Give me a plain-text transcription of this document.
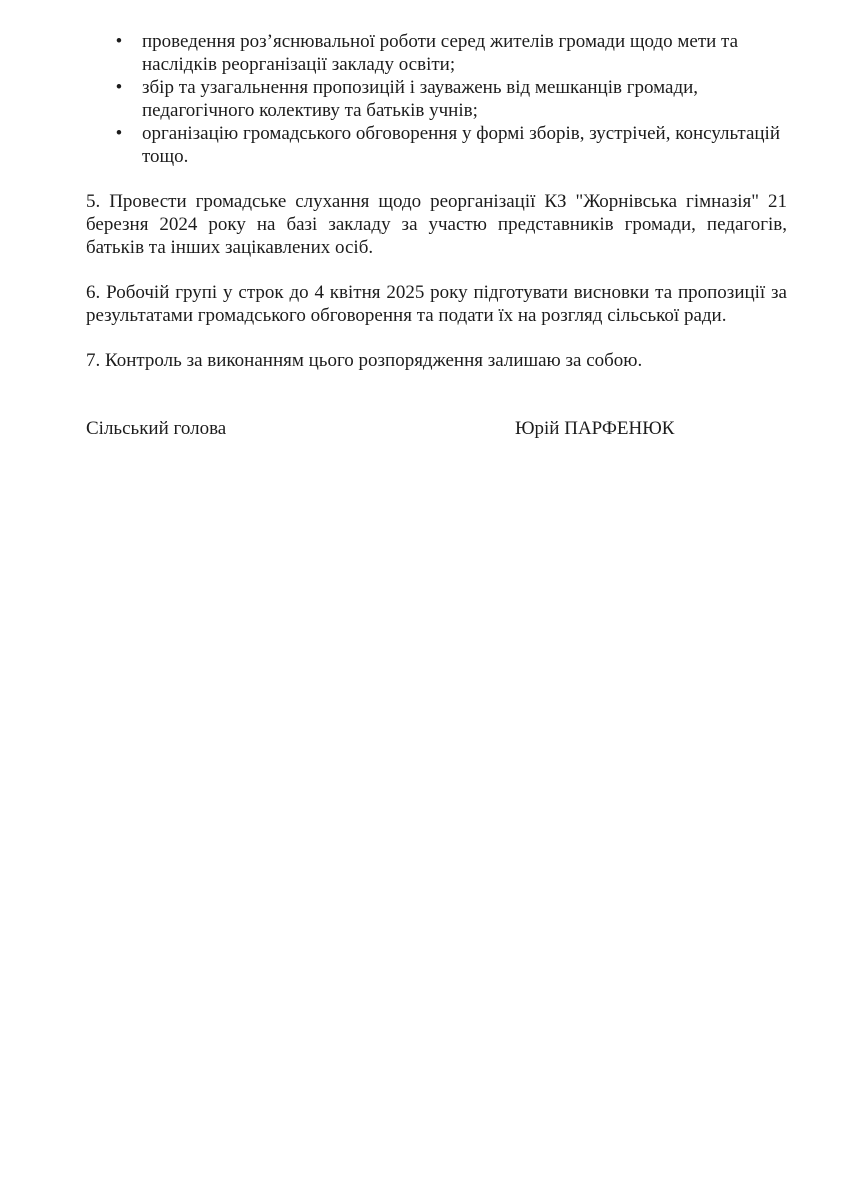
•	проведення роз’яснювальної роботи серед жителів громади щодо мети та наслідків реорганізації закладу освіти;
•	збір та узагальнення пропозицій і зауважень від мешканців громади, педагогічного колективу та батьків учнів;
•	організацію громадського обговорення у формі зборів, зустрічей, консультацій тощо.

5. Провести громадське слухання щодо реорганізації КЗ "Жорнівська гімназія" 21 березня 2024 року на базі закладу за участю представників громади, педагогів, батьків та інших зацікавлених осіб.

6. Робочій групі у строк до 4 квітня 2025 року підготувати висновки та пропозиції за результатами громадського обговорення та подати їх на розгляд сільської ради.

7. Контроль за виконанням цього розпорядження залишаю за собою.

Сільський голова	Юрій ПАРФЕНЮК
